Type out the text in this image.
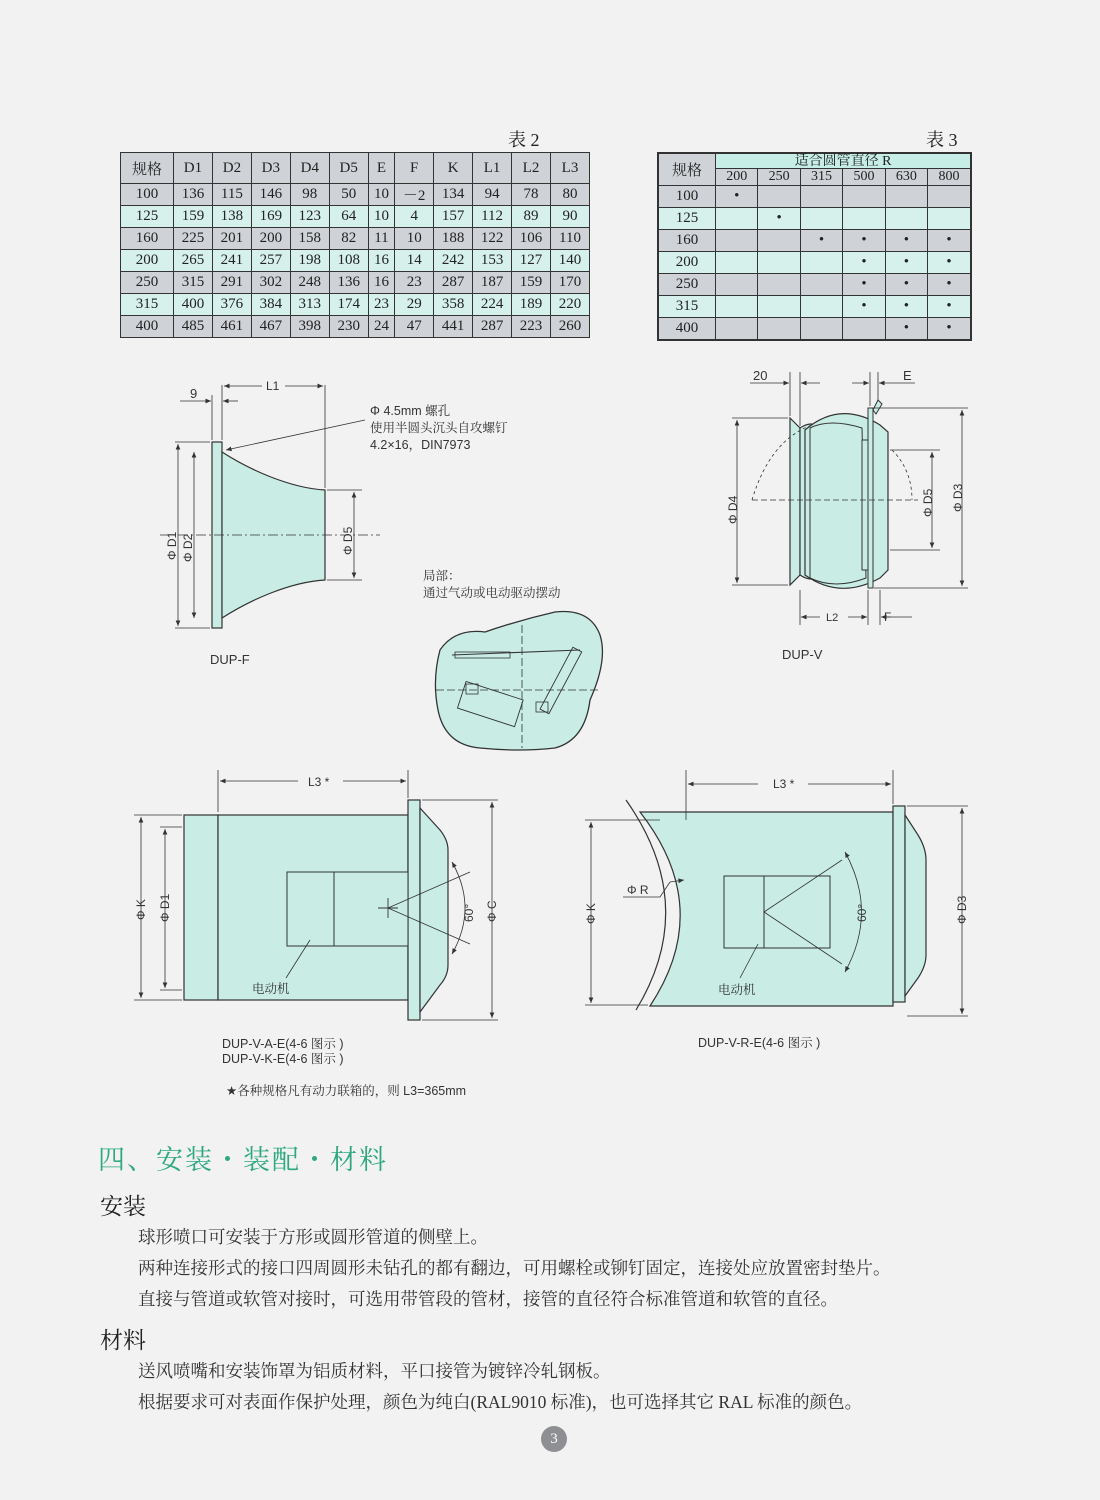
表 2
规格	D1	D2	D3	D4	D5	E	F	K	L1	L2	L3
100	136	115	146	98	50	10	－2	134	94	78	80
125	159	138	169	123	64	10	4	157	112	89	90
160	225	201	200	158	82	11	10	188	122	106	110
200	265	241	257	198	108	16	14	242	153	127	140
250	315	291	302	248	136	16	23	287	187	159	170
315	400	376	384	313	174	23	29	358	224	189	220
400	485	461	467	398	230	24	47	441	287	223	260
表 3
规格	适合圆管直径 R					
	200	250	315	500	630	800
100	•					
125		•				
160			•	•	•	•
200				•	•	•
250				•	•	•
315				•	•	•
400					•	•
9	L1
Φ D1 Φ D2	Φ D5
Φ 4.5mm 螺孔
使用半圆头沉头自攻螺钉
4.2×16，DIN7973
DUP-F
20	E
Φ D4	Φ D5 Φ D3
L2	F
DUP-V
局部：
通过气动或电动驱动摆动
60°
L3 *
Φ K Φ D1	Φ C
电动机
DUP-V-A-E(4-6 图示 )
DUP-V-K-E(4-6 图示 )
60°
L3 *
Φ K	Φ D3
Φ R
电动机
DUP-V-R-E(4-6 图示 )
★各种规格凡有动力联箱的，则 L3=365mm
四、安装・装配・材料
安装
球形喷口可安装于方形或圆形管道的侧壁上。
两种连接形式的接口四周圆形未钻孔的都有翻边，可用螺栓或铆钉固定，连接处应放置密封垫片。
直接与管道或软管对接时，可选用带管段的管材，接管的直径符合标准管道和软管的直径。
材料
送风喷嘴和安装饰罩为铝质材料，平口接管为镀锌冷轧钢板。
根据要求可对表面作保护处理，颜色为纯白(RAL9010 标准)，也可选择其它 RAL 标准的颜色。
3
